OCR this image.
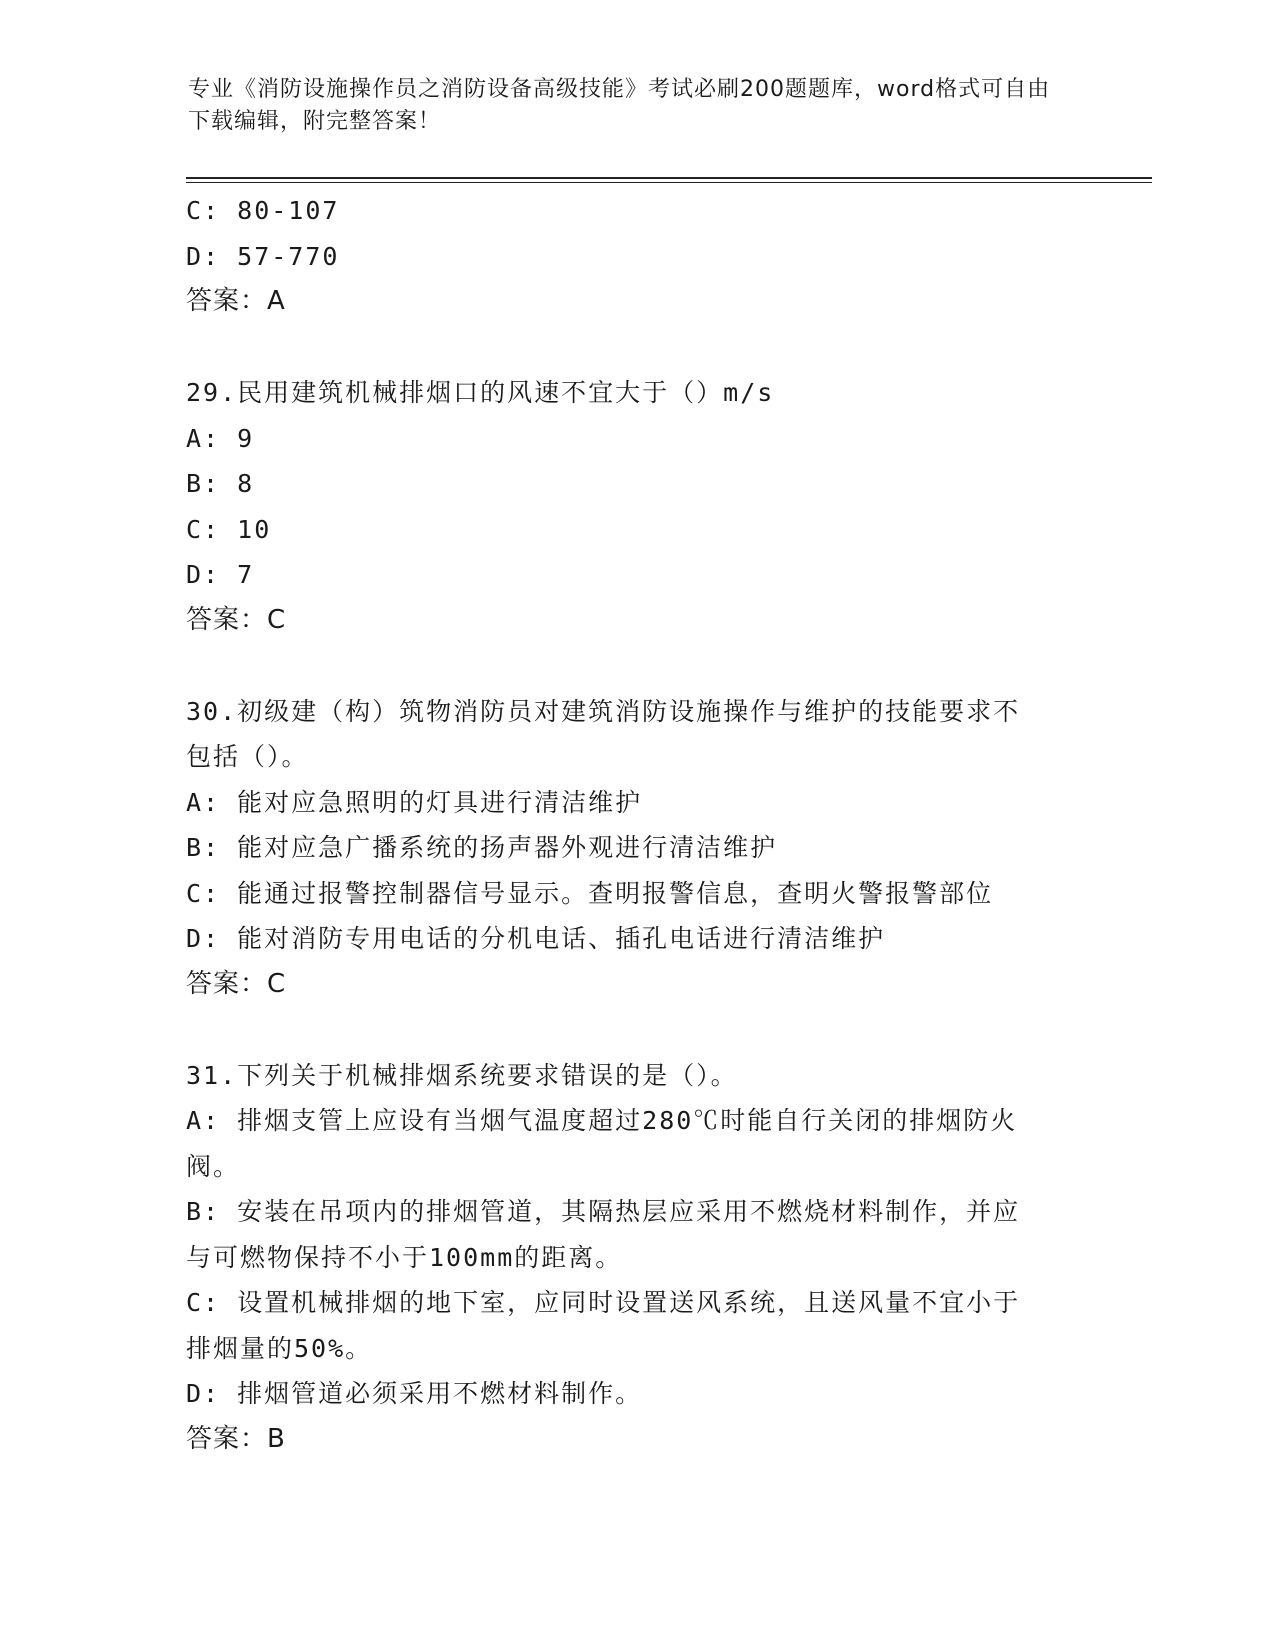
专业《消防设施操作员之消防设备高级技能》考试必刷200题题库，word格式可自由下载编辑，附完整答案！
C: 80-107
D: 57-770
答案：A
29.民用建筑机械排烟口的风速不宜大于（）m/s
A: 9
B: 8
C: 10
D: 7
答案：C
30.初级建（构）筑物消防员对建筑消防设施操作与维护的技能要求不
包括（）。
A: 能对应急照明的灯具进行清洁维护
B: 能对应急广播系统的扬声器外观进行清洁维护
C: 能通过报警控制器信号显示。查明报警信息，查明火警报警部位
D: 能对消防专用电话的分机电话、插孔电话进行清洁维护
答案：C
31.下列关于机械排烟系统要求错误的是（）。
A: 排烟支管上应设有当烟气温度超过280℃时能自行关闭的排烟防火
阀。
B: 安装在吊项内的排烟管道，其隔热层应采用不燃烧材料制作，并应
与可燃物保持不小于100mm的距离。
C: 设置机械排烟的地下室，应同时设置送风系统，且送风量不宜小于
排烟量的50%。
D: 排烟管道必须采用不燃材料制作。
答案：B
